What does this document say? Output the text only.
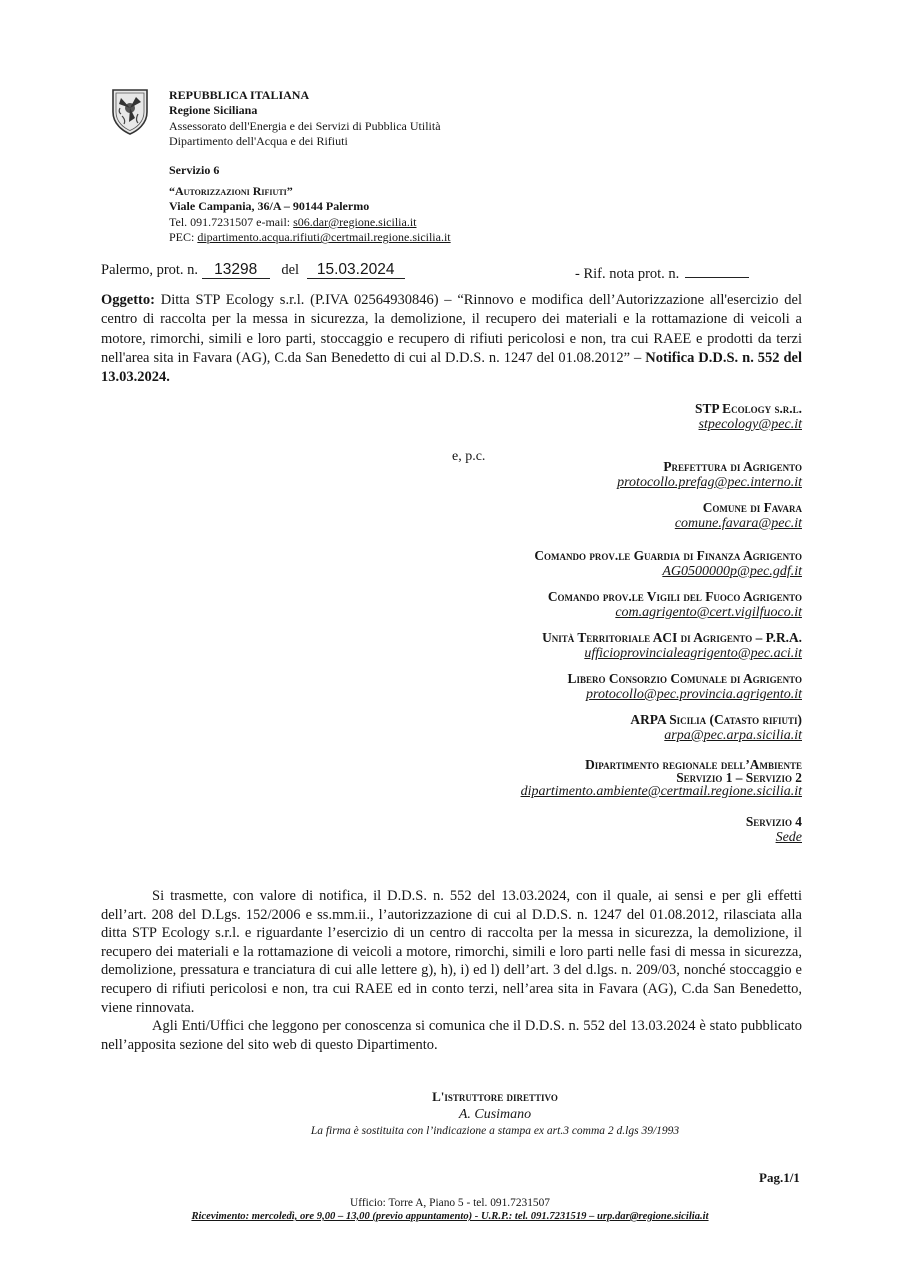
REPUBBLICA ITALIANA
Regione Siciliana
Assessorato dell'Energia e dei Servizi di Pubblica Utilità
Dipartimento dell'Acqua e dei Rifiuti
Servizio 6
“Autorizzazioni Rifiuti”
Viale Campania, 36/A – 90144 Palermo
Tel. 091.7231507 e-mail: s06.dar@regione.sicilia.it
PEC: dipartimento.acqua.rifiuti@certmail.regione.sicilia.it
Palermo, prot. n. 13298 del 15.03.2024	- Rif. nota prot. n.
Oggetto: Ditta STP Ecology s.r.l. (P.IVA 02564930846) – “Rinnovo e modifica dell’Autorizzazione all'esercizio del centro di raccolta per la messa in sicurezza, la demolizione, il recupero dei materiali e la rottamazione di veicoli a motore, rimorchi, simili e loro parti, stoccaggio e recupero di rifiuti pericolosi e non, tra cui RAEE e prodotti da terzi nell'area sita in Favara (AG), C.da San Benedetto di cui al D.D.S. n. 1247 del 01.08.2012” – Notifica D.D.S. n. 552 del 13.03.2024.
e, p.c.
STP Ecology s.r.l.
stpecology@pec.it
Prefettura di Agrigento
protocollo.prefag@pec.interno.it
Comune di Favara
comune.favara@pec.it
Comando prov.le Guardia di Finanza Agrigento
AG0500000p@pec.gdf.it
Comando prov.le Vigili del Fuoco Agrigento
com.agrigento@cert.vigilfuoco.it
Unità Territoriale ACI di Agrigento – P.R.A.
ufficioprovincialeagrigento@pec.aci.it
Libero Consorzio Comunale di Agrigento
protocollo@pec.provincia.agrigento.it
ARPA Sicilia (Catasto rifiuti)
arpa@pec.arpa.sicilia.it
Dipartimento regionale dell’Ambiente
Servizio 1 – Servizio 2
dipartimento.ambiente@certmail.regione.sicilia.it
Servizio 4
Sede

Si trasmette, con valore di notifica, il D.D.S. n. 552 del 13.03.2024, con il quale, ai sensi e per gli effetti dell’art. 208 del D.Lgs. 152/2006 e ss.mm.ii., l’autorizzazione di cui al D.D.S. n. 1247 del 01.08.2012, rilasciata alla ditta STP Ecology s.r.l. e riguardante l’esercizio di un centro di raccolta per la messa in sicurezza, la demolizione, il recupero dei materiali e la rottamazione di veicoli a motore, rimorchi, simili e loro parti nelle fasi di messa in sicurezza, demolizione, pressatura e tranciatura di cui alle lettere g), h), i) ed l) dell’art. 3 del d.lgs. n. 209/03, nonché stoccaggio e recupero di rifiuti pericolosi e non, tra cui RAEE ed in conto terzi, nell’area sita in Favara (AG), C.da San Benedetto, viene rinnovata.

Agli Enti/Uffici che leggono per conoscenza si comunica che il D.D.S. n. 552 del 13.03.2024 è stato pubblicato nell’apposita sezione del sito web di questo Dipartimento.

L'istruttore direttivo
A. Cusimano
La firma è sostituita con l’indicazione a stampa ex art.3 comma 2 d.lgs 39/1993
Pag.1/1
Ufficio: Torre A, Piano 5 - tel. 091.7231507
Ricevimento: mercoledì, ore 9,00 – 13,00 (previo appuntamento) - U.R.P.: tel. 091.7231519 – urp.dar@regione.sicilia.it
